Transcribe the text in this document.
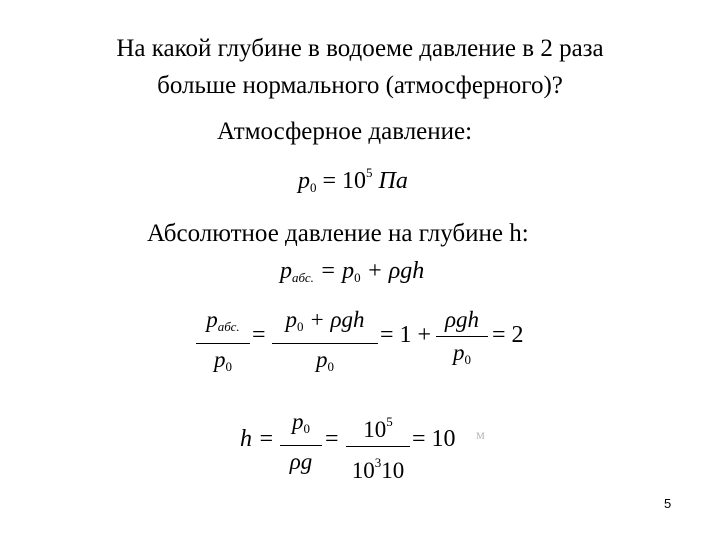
На какой глубине в водоеме давление в 2 раза
больше нормального (атмосферного)?
Атмосферное давление:
$p0 = 10^5$ Па
Абсолютное давление на глубине h:
pабс. = p0 + ρgh
pабс.
p0
=
p0 + ρgh
p0
= 1 +
ρgh
p0
= 2
h =
p0
ρg
=	$10^5$
$10^310$
= 10 м
5
